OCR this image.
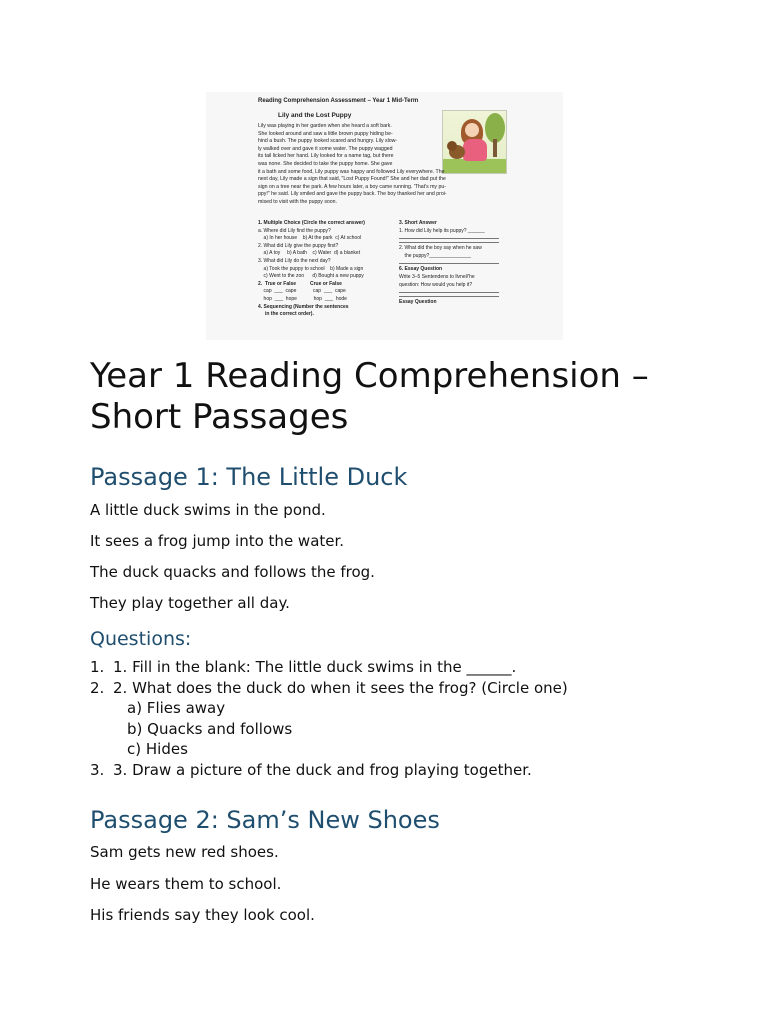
Reading Comprehension Assessment – Year 1 Mid-Term
Lily and the Lost Puppy
Lily was playing in her garden when she heard a soft bark.
She looked around and saw a little brown puppy hiding be-
hind a bush. The puppy looked scared and hungry. Lily slow-
ly walked over and gave it some water. The puppy wagged
its tail licked her hand. Lily looked for a name tag, but there
was none. She decided to take the puppy home. She gave
it a bath and some food, Lily puppy was happy and followed Lily everywhere. The
next day, Lily made a sign that said, "Lost Puppy Found!" She and her dad put the
sign on a tree near the park. A few hours later, a boy came running. 'That's my pu-
ppy!" he said. Lily smiled and gave the puppy back. The boy thanked her and proi-
mised to visit with the puppy soon.
1. Multiple Choice (Circle the correct answer)
a. Where did Lily find the puppy?
a) In her house    b) At the park  c) At school
2. What did Lily give the puppy first?
a) A toy     b) A bath    c) Water  d) a blanket
3. What did Lily do the next day?
a) Took the puppy to school    b) Made a sign
c) Went to the zoo      d) Bought a new puppy
2.  True or False          Crue or False
cap  ___  cape            cap  ___  cape
hop  ___  hope            hop  ___  hode
4. Sequencing (Number the sentences
in the correct order).
3. Short Answer
1. How did Lily help its puppy? ______
2. What did the boy say when he saw
the puppy?_______________
6. Essay Question
Write 3–5 Sentendens to llvnel/'he
question: How would you help it?
Essay Question
Year 1 Reading Comprehension –
Short Passages
Passage 1: The Little Duck

A little duck swims in the pond.

It sees a frog jump into the water.

The duck quacks and follows the frog.

They play together all day.

Questions:
1. 1. Fill in the blank: The little duck swims in the ______.
2. 2. What does the duck do when it sees the frog? (Circle one)
a) Flies away
b) Quacks and follows
c) Hides
3. 3. Draw a picture of the duck and frog playing together.
Passage 2: Sam’s New Shoes

Sam gets new red shoes.

He wears them to school.

His friends say they look cool.
